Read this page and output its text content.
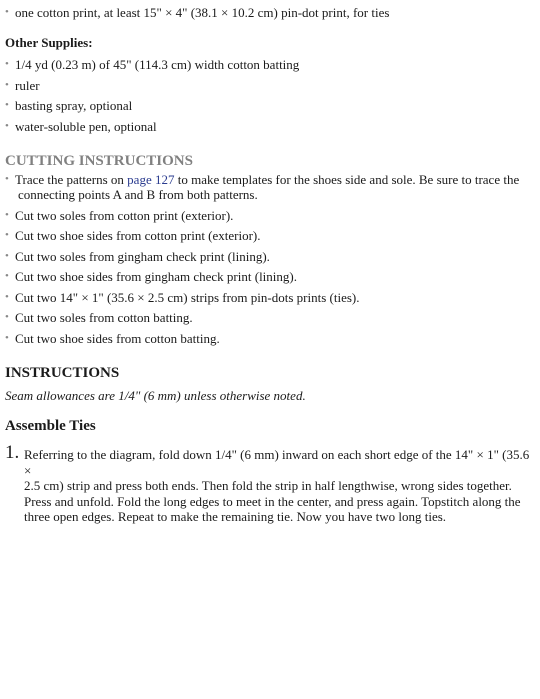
• one cotton print, at least 15" × 4" (38.1 × 10.2 cm) pin-dot print, for ties
Other Supplies:
• 1/4 yd (0.23 m) of 45" (114.3 cm) width cotton batting
• ruler
• basting spray, optional
• water-soluble pen, optional
CUTTING INSTRUCTIONS
• Trace the patterns on page 127 to make templates for the shoes side and sole. Be sure to trace the
connecting points A and B from both patterns.
• Cut two soles from cotton print (exterior).
• Cut two shoe sides from cotton print (exterior).
• Cut two soles from gingham check print (lining).
• Cut two shoe sides from gingham check print (lining).
• Cut two 14" × 1" (35.6 × 2.5 cm) strips from pin-dots prints (ties).
• Cut two soles from cotton batting.
• Cut two shoe sides from cotton batting.
INSTRUCTIONS

Seam allowances are 1/4" (6 mm) unless otherwise noted.

Assemble Ties
1. Referring to the diagram, fold down 1/4" (6 mm) inward on each short edge of the 14" × 1" (35.6 ×
2.5 cm) strip and press both ends. Then fold the strip in half lengthwise, wrong sides together.
Press and unfold. Fold the long edges to meet in the center, and press again. Topstitch along the
three open edges. Repeat to make the remaining tie. Now you have two long ties.
